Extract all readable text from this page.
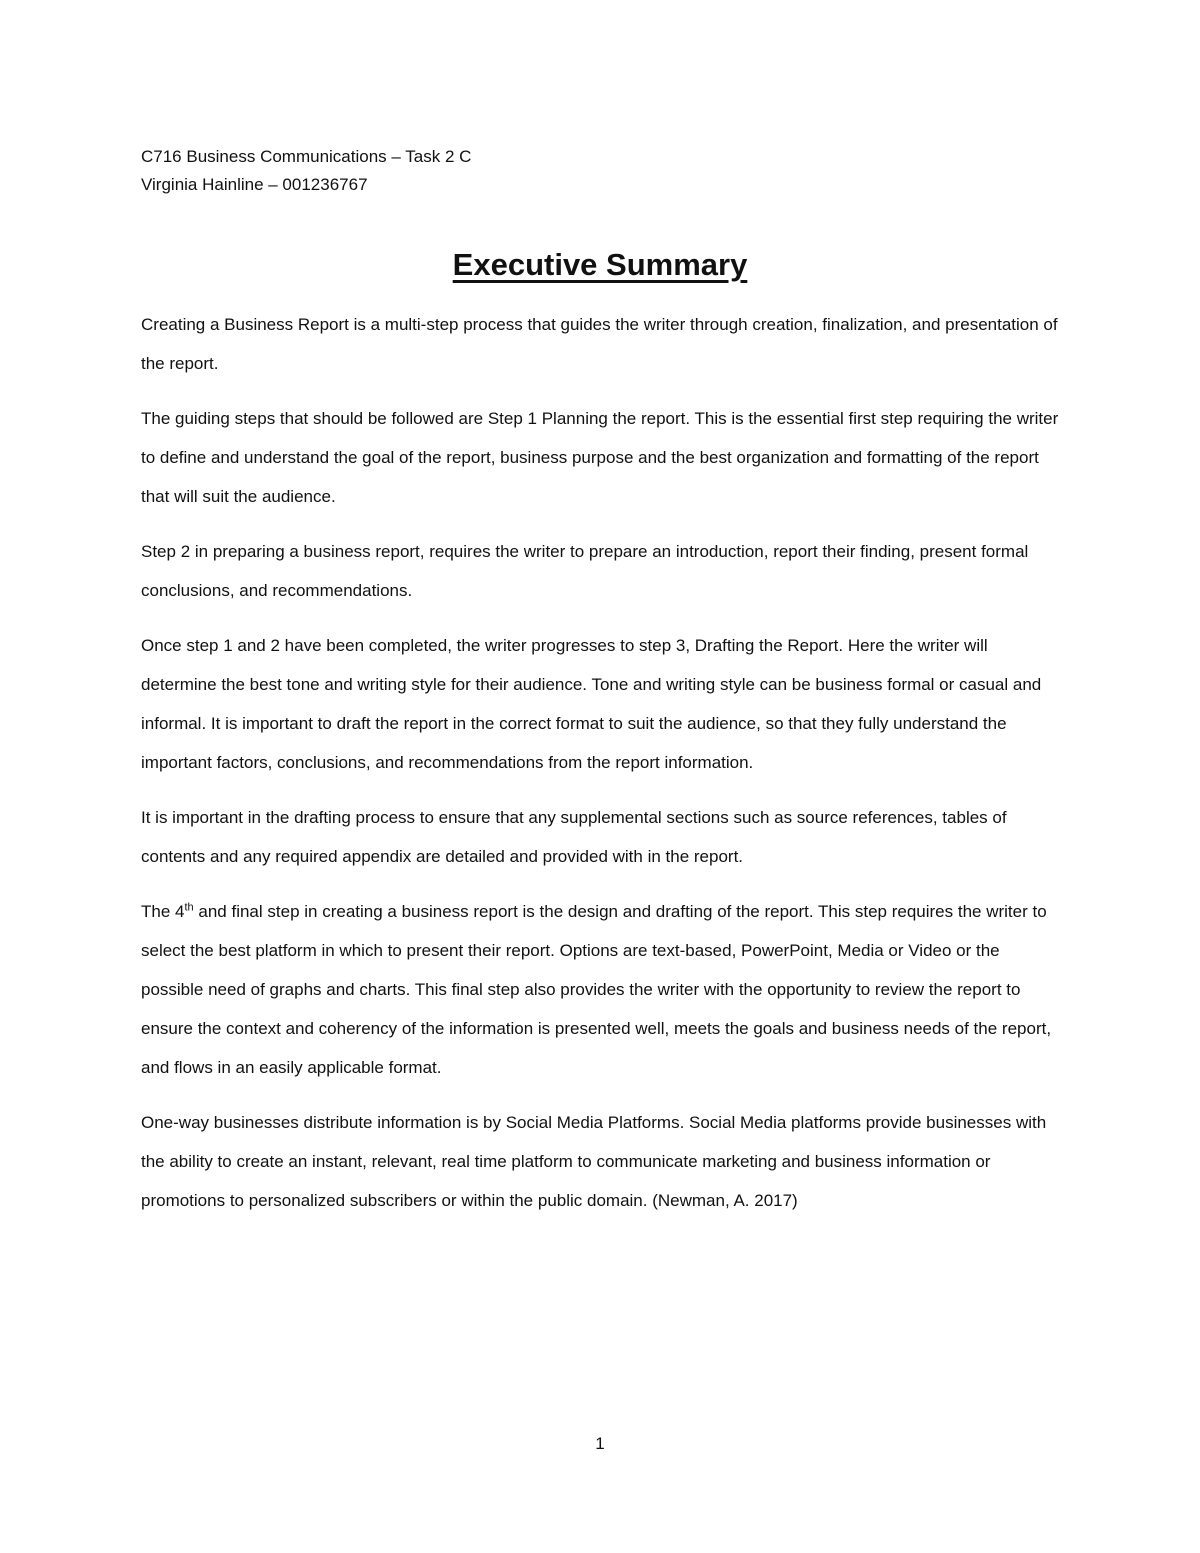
C716 Business Communications – Task 2 C

Virginia Hainline – 001236767

Executive Summary

Creating a Business Report is a multi-step process that guides the writer through creation, finalization, and presentation of the report.

The guiding steps that should be followed are Step 1 Planning the report. This is the essential first step requiring the writer to define and understand the goal of the report, business purpose and the best organization and formatting of the report that will suit the audience.

Step 2 in preparing a business report, requires the writer to prepare an introduction, report their finding, present formal conclusions, and recommendations.

Once step 1 and 2 have been completed, the writer progresses to step 3, Drafting the Report. Here the writer will determine the best tone and writing style for their audience. Tone and writing style can be business formal or casual and informal. It is important to draft the report in the correct format to suit the audience, so that they fully understand the important factors, conclusions, and recommendations from the report information.

It is important in the drafting process to ensure that any supplemental sections such as source references, tables of contents and any required appendix are detailed and provided with in the report.

The 4th and final step in creating a business report is the design and drafting of the report. This step requires the writer to select the best platform in which to present their report. Options are text-based, PowerPoint, Media or Video or the possible need of graphs and charts. This final step also provides the writer with the opportunity to review the report to ensure the context and coherency of the information is presented well, meets the goals and business needs of the report, and flows in an easily applicable format.

One-way businesses distribute information is by Social Media Platforms. Social Media platforms provide businesses with the ability to create an instant, relevant, real time platform to communicate marketing and business information or promotions to personalized subscribers or within the public domain. (Newman, A. 2017)

1
